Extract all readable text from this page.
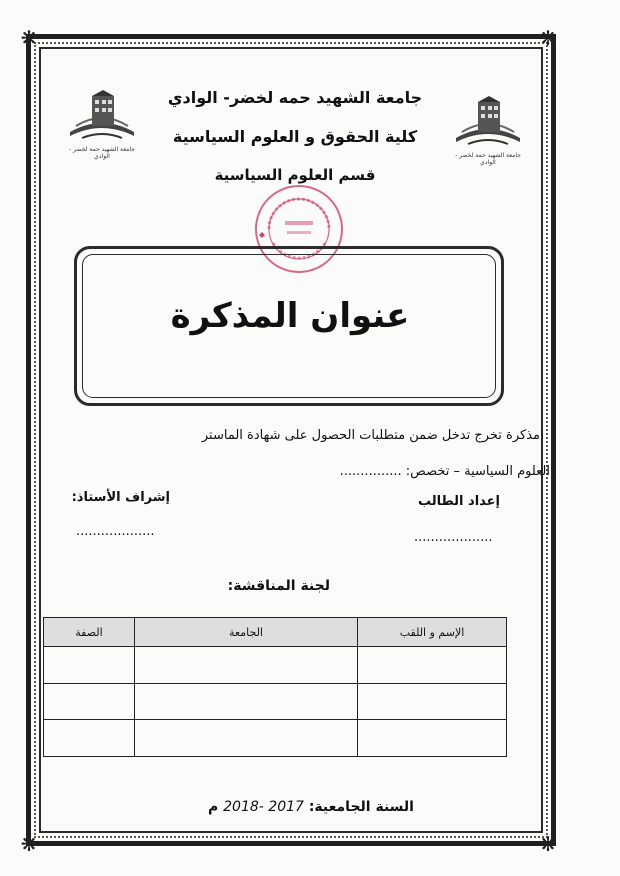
❋	❋
❋	❋
جامعة الشهيد حمة لخضر - الوادي	جامعة الشهيد حمة لخضر - الوادي
جامعة الشهيد حمه لخضر- الوادي
كلية الحقوق و العلوم السياسية
قسم العلوم السياسية
عنوان المذكرة
مذكرة تخرج تدخل ضمن متطلبات الحصول على شهادة الماستر
العلوم السياسية – تخصص: ...............
إعداد الطالب
إشراف الأستاذ:
...................
...................
لجنة المناقشة:
الإسم و اللقب	الجامعة	الصفة

السنة الجامعية: 2017 -2018 م
